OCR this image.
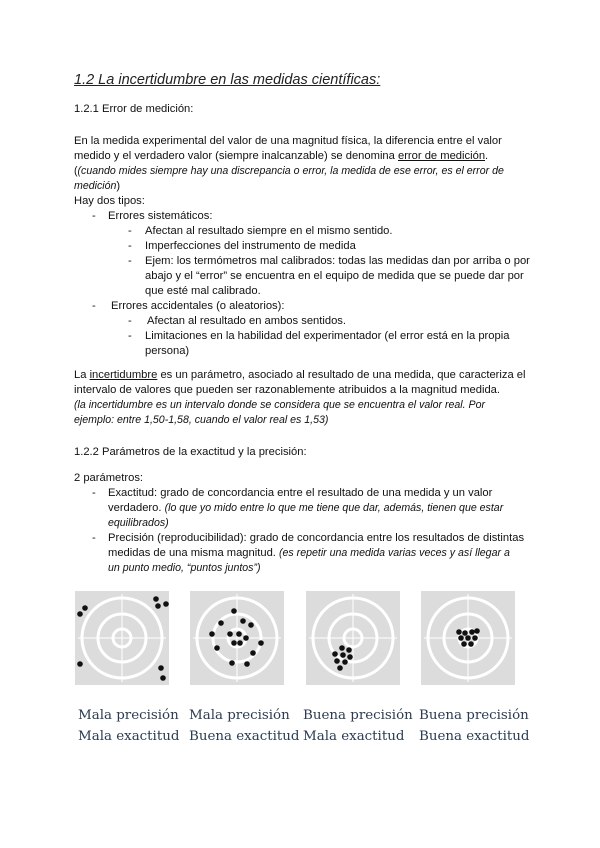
1.2 La incertidumbre en las medidas científicas:
1.2.1 Error de medición:
En la medida experimental del valor de una magnitud física, la diferencia entre el valor
medido y el verdadero valor (siempre inalcanzable) se denomina error de medición.
((cuando mides siempre hay una discrepancia o error, la medida de ese error, es el error de
medición)
Hay dos tipos:
- Errores sistemáticos:
- Afectan al resultado siempre en el mismo sentido.
- Imperfecciones del instrumento de medida
- Ejem: los termómetros mal calibrados: todas las medidas dan por arriba o por
abajo y el “error” se encuentra en el equipo de medida que se puede dar por
que esté mal calibrado.
- Errores accidentales (o aleatorios):
- Afectan al resultado en ambos sentidos.
- Limitaciones en la habilidad del experimentador (el error está en la propia
persona)
La incertidumbre es un parámetro, asociado al resultado de una medida, que caracteriza el
intervalo de valores que pueden ser razonablemente atribuidos a la magnitud medida.
(la incertidumbre es un intervalo donde se considera que se encuentra el valor real. Por
ejemplo: entre 1,50-1,58, cuando el valor real es 1,53)
1.2.2 Parámetros de la exactitud y la precisión:
2 parámetros:
- Exactitud: grado de concordancia entre el resultado de una medida y un valor
verdadero. (lo que yo mido entre lo que me tiene que dar, además, tienen que estar
equilibrados)
- Precisión (reproducibilidad): grado de concordancia entre los resultados de distintas
medidas de una misma magnitud. (es repetir una medida varias veces y así llegar a
un punto medio, “puntos juntos”)
Mala precisión
Mala exactitud
Mala precisión
Buena exactitud
Buena precisión
Mala exactitud
Buena precisión
Buena exactitud
